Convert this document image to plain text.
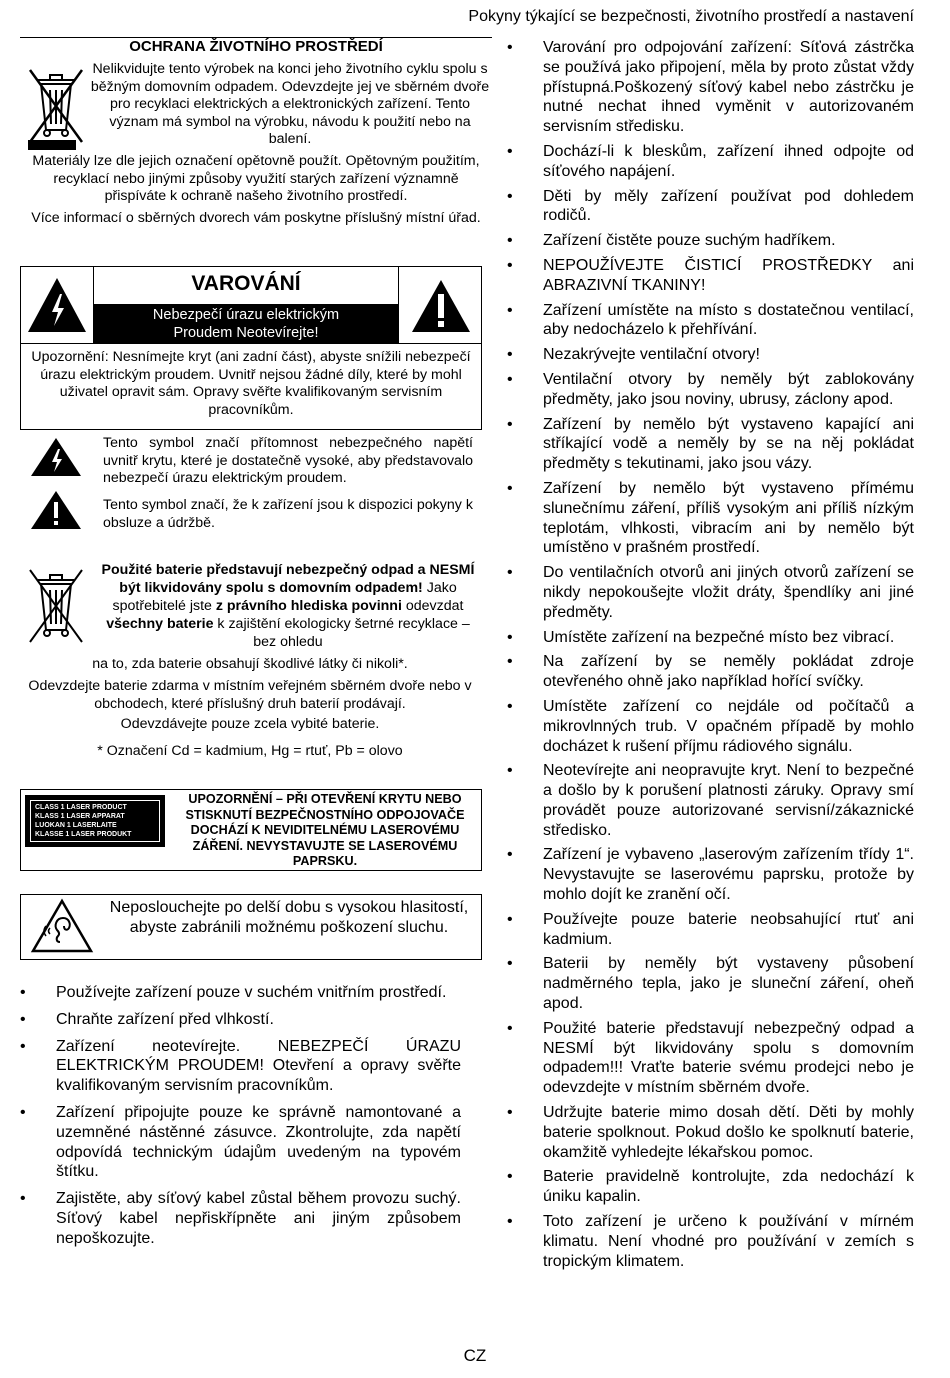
Pokyny týkající se bezpečnosti, životního prostředí a nastavení
OCHRANA ŽIVOTNÍHO PROSTŘEDÍ
Nelikvidujte tento výrobek na konci jeho životního cyklu spolu s běžným domovním odpadem. Odevzdejte jej ve sběrném dvoře pro recyklaci elektrických a elektronických zařízení. Tento význam má symbol na výrobku, návodu k použití nebo na balení.
Materiály lze dle jejich označení opětovně použít. Opětovným použitím, recyklací nebo jinými způsoby využití starých zařízení významně přispíváte k ochraně našeho životního prostředí.
Více informací o sběrných dvorech vám poskytne příslušný místní úřad.
VAROVÁNÍ
Nebezpečí úrazu elektrickým
Proudem Neotevírejte!
Upozornění: Nesnímejte kryt (ani zadní část), abyste snížili nebezpečí úrazu elektrickým proudem. Uvnitř nejsou žádné díly, které by mohl uživatel opravit sám. Opravy svěřte kvalifikovaným servisním pracovníkům.
Tento symbol značí přítomnost nebezpečného napětí uvnitř krytu, které je dostatečně vysoké, aby představovalo nebezpečí úrazu elektrickým proudem.
Tento symbol značí, že k zařízení jsou k dispozici pokyny k obsluze a údržbě.
Použité baterie představují nebezpečný odpad a NESMÍ být likvidovány spolu s domovním odpadem! Jako spotřebitelé jste z právního hlediska povinni odevzdat všechny baterie k zajištění ekologicky šetrné recyklace – bez ohledu
na to, zda baterie obsahují škodlivé látky či nikoli*.
Odevzdejte baterie zdarma v místním veřejném sběrném dvoře nebo v obchodech, které příslušný druh baterií prodávají.
Odevzdávejte pouze zcela vybité baterie.
* Označení Cd = kadmium, Hg = rtuť, Pb = olovo
CLASS 1 LASER PRODUCT
KLASS 1 LASER APPARAT
LUOKAN 1 LASERLAITE
KLASSE 1 LASER PRODUKT
UPOZORNĚNÍ – PŘI OTEVŘENÍ KRYTU NEBO STISKNUTÍ BEZPEČNOSTNÍHO ODPOJOVAČE DOCHÁZÍ K NEVIDITELNÉMU LASEROVÉMU ZÁŘENÍ. NEVYSTAVUJTE SE LASEROVÉMU PAPRSKU.
Neposlouchejte po delší dobu s vysokou hlasitostí, abyste zabránili možnému poškození sluchu.
• Používejte zařízení pouze v suchém vnitřním prostředí.
• Chraňte zařízení před vlhkostí.
• Zařízení neotevírejte. NEBEZPEČÍ ÚRAZU ELEKTRICKÝM PROUDEM! Otevření a opravy svěřte kvalifikovaným servisním pracovníkům.
• Zařízení připojujte pouze ke správně namontované a uzemněné nástěnné zásuvce. Zkontrolujte, zda napětí odpovídá technickým údajům uvedeným na typovém štítku.
• Zajistěte, aby síťový kabel zůstal během provozu suchý. Síťový kabel nepřiskřípněte ani jiným způsobem nepoškozujte.
• Varování pro odpojování zařízení: Síťová zástrčka se používá jako připojení, měla by proto zůstat vždy přístupná.Poškozený síťový kabel nebo zástrčku je nutné nechat ihned vyměnit v autorizovaném servisním středisku.
• Dochází-li k bleskům, zařízení ihned odpojte od síťového napájení.
• Děti by měly zařízení používat pod dohledem rodičů.
• Zařízení čistěte pouze suchým hadříkem.
• NEPOUŽÍVEJTE ČISTICÍ PROSTŘEDKY ani ABRAZIVNÍ TKANINY!
• Zařízení umístěte na místo s dostatečnou ventilací, aby nedocházelo k přehřívání.
• Nezakrývejte ventilační otvory!
• Ventilační otvory by neměly být zablokovány předměty, jako jsou noviny, ubrusy, záclony apod.
• Zařízení by nemělo být vystaveno kapající ani stříkající vodě a neměly by se na něj pokládat předměty s tekutinami, jako jsou vázy.
• Zařízení by nemělo být vystaveno přímému slunečnímu záření, příliš vysokým ani příliš nízkým teplotám, vlhkosti, vibracím ani by nemělo být umístěno v prašném prostředí.
• Do ventilačních otvorů ani jiných otvorů zařízení se nikdy nepokoušejte vložit dráty, špendlíky ani jiné předměty.
• Umístěte zařízení na bezpečné místo bez vibrací.
• Na zařízení by se neměly pokládat zdroje otevřeného ohně jako například hořící svíčky.
• Umístěte zařízení co nejdále od počítačů a mikrovlnných trub. V opačném případě by mohlo docházet k rušení příjmu rádiového signálu.
• Neotevírejte ani neopravujte kryt. Není to bezpečné a došlo by k porušení platnosti záruky. Opravy smí provádět pouze autorizované servisní/zákaznické středisko.
• Zařízení je vybaveno „laserovým zařízením třídy 1“. Nevystavujte se laserovému paprsku, protože by mohlo dojít ke zranění očí.
• Používejte pouze baterie neobsahující rtuť ani kadmium.
• Baterii by neměly být vystaveny působení nadměrného tepla, jako je sluneční záření, oheň apod.
• Použité baterie představují nebezpečný odpad a NESMÍ být likvidovány spolu s domovním odpadem!!! Vraťte baterie svému prodejci nebo je odevzdejte v místním sběrném dvoře.
• Udržujte baterie mimo dosah dětí. Děti by mohly baterie spolknout. Pokud došlo ke spolknutí baterie, okamžitě vyhledejte lékařskou pomoc.
• Baterie pravidelně kontrolujte, zda nedochází k úniku kapalin.
• Toto zařízení je určeno k používání v mírném klimatu. Není vhodné pro používání v zemích s tropickým klimatem.
CZ
